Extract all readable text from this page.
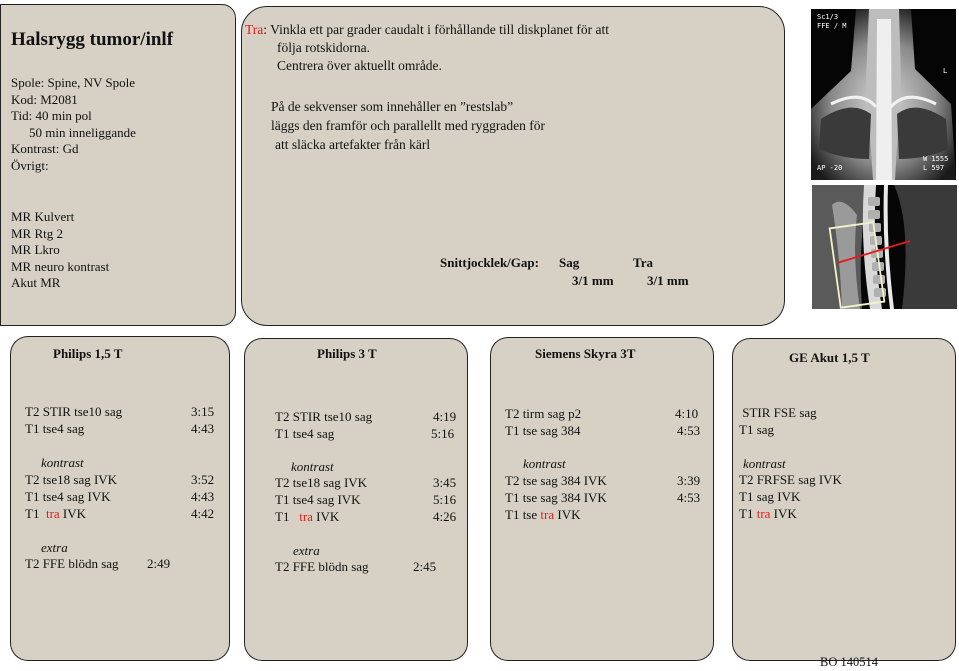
Halsrygg tumor/inlf
Spole: Spine, NV Spole
Kod: M2081
Tid: 40 min pol
50 min inneliggande
Kontrast: Gd
Övrigt:
MR Kulvert
MR Rtg 2
MR Lkro
MR neuro kontrast
Akut MR
Tra: Vinkla ett par grader caudalt i förhållande till diskplanet för att
följa rotskidorna.
Centrera över aktuellt område.
På de sekvenser som innehåller en ”restslab”
läggs den framför och parallellt med ryggraden för
att släcka artefakter från kärl
Snittjocklek/Gap: Sag	Tra
3/1 mm	3/1 mm
Sc1/3
FFE / M
L
AP -20
W 1555
L 597
Philips 1,5 T	Philips 3 T	Siemens Skyra 3T	GE Akut 1,5 T
T2 STIR tse10 sag	3:15
T1 tse4 sag	4:43
kontrast
T2 tse18 sag IVK	3:52
T1 tse4 sag IVK	4:43
T1  tra IVK	4:42
extra
T2 FFE blödn sag 2:49
T2 STIR tse10 sag	4:19
T1 tse4 sag	5:16
kontrast
T2 tse18 sag IVK	3:45
T1 tse4 sag IVK	5:16
T1   tra IVK	4:26
extra
T2 FFE blödn sag	2:45
T2 tirm sag p2	4:10
T1 tse sag 384	4:53
kontrast
T2 tse sag 384 IVK	3:39
T1 tse sag 384 IVK	4:53
T1 tse tra IVK
STIR FSE sag
T1 sag
kontrast
T2 FRFSE sag IVK
T1 sag IVK
T1 tra IVK
BO 140514
